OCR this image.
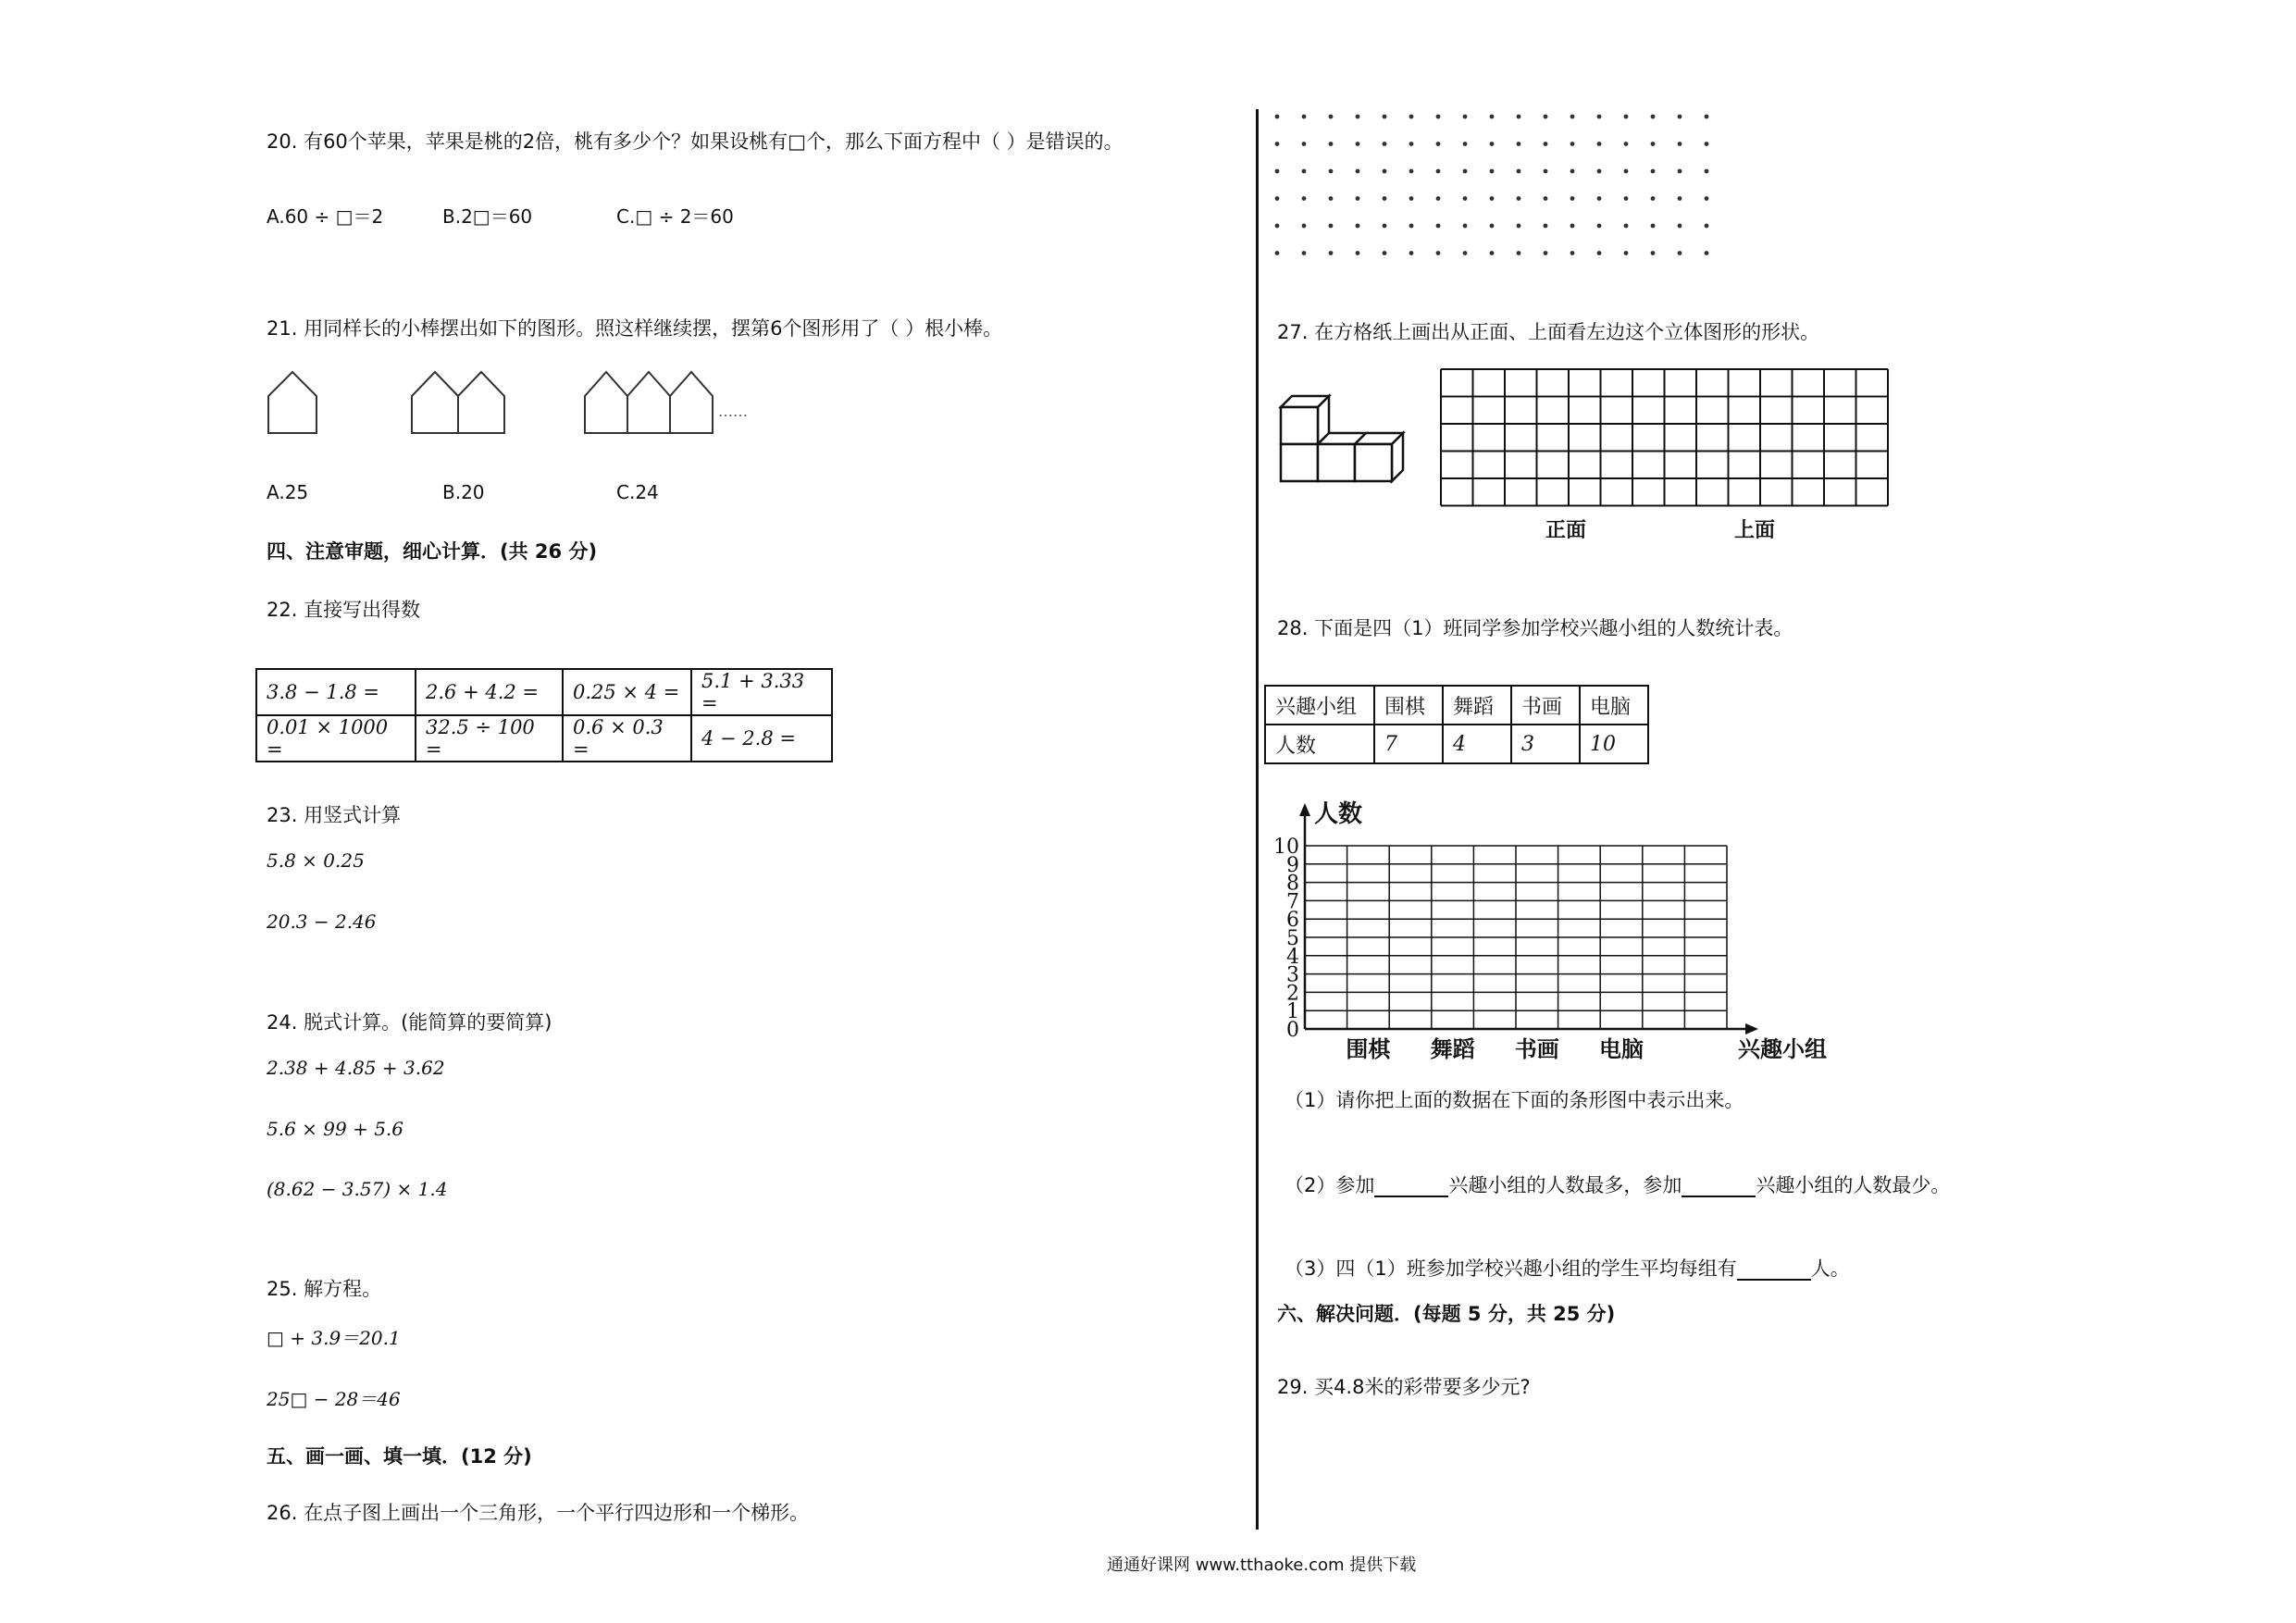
20. 有60个苹果，苹果是桃的2倍，桃有多少个？如果设桃有□个，那么下面方程中（ ）是错误的。
A.60 ÷ □＝2	B.2□＝60	C.□ ÷ 2＝60
21. 用同样长的小棒摆出如下的图形。照这样继续摆，摆第6个图形用了（ ）根小棒。
……
A.25	B.20	C.24
四、注意审题，细心计算．(共 26 分)
22. 直接写出得数
3.8 − 1.8 =	2.6 + 4.2 =	0.25 × 4 =	5.1 + 3.33 =
0.01 × 1000 =	32.5 ÷ 100 =	0.6 × 0.3 =	4 − 2.8 =
23. 用竖式计算
5.8 × 0.25
20.3 − 2.46
24. 脱式计算。(能简算的要简算)
2.38 + 4.85 + 3.62
5.6 × 99 + 5.6
(8.62 − 3.57) × 1.4
25. 解方程。
□ + 3.9＝20.1
25□ − 28＝46
五、画一画、填一填．(12 分)
26. 在点子图上画出一个三角形，一个平行四边形和一个梯形。
27. 在方格纸上画出从正面、上面看左边这个立体图形的形状。
正面	上面
28. 下面是四（1）班同学参加学校兴趣小组的人数统计表。
兴趣小组	围棋	舞蹈	书画	电脑
人数	7	4	3	10
0
1
2
3
4
5
6
7
8
9
10
人数
围棋 舞蹈 书画 电脑	兴趣小组
（1）请你把上面的数据在下面的条形图中表示出来。
（2）参加	兴趣小组的人数最多，参加	兴趣小组的人数最少。
（3）四（1）班参加学校兴趣小组的学生平均每组有	人。
六、解决问题．(每题 5 分，共 25 分)
29. 买4.8米的彩带要多少元?
通通好课网 www.tthaoke.com 提供下载
